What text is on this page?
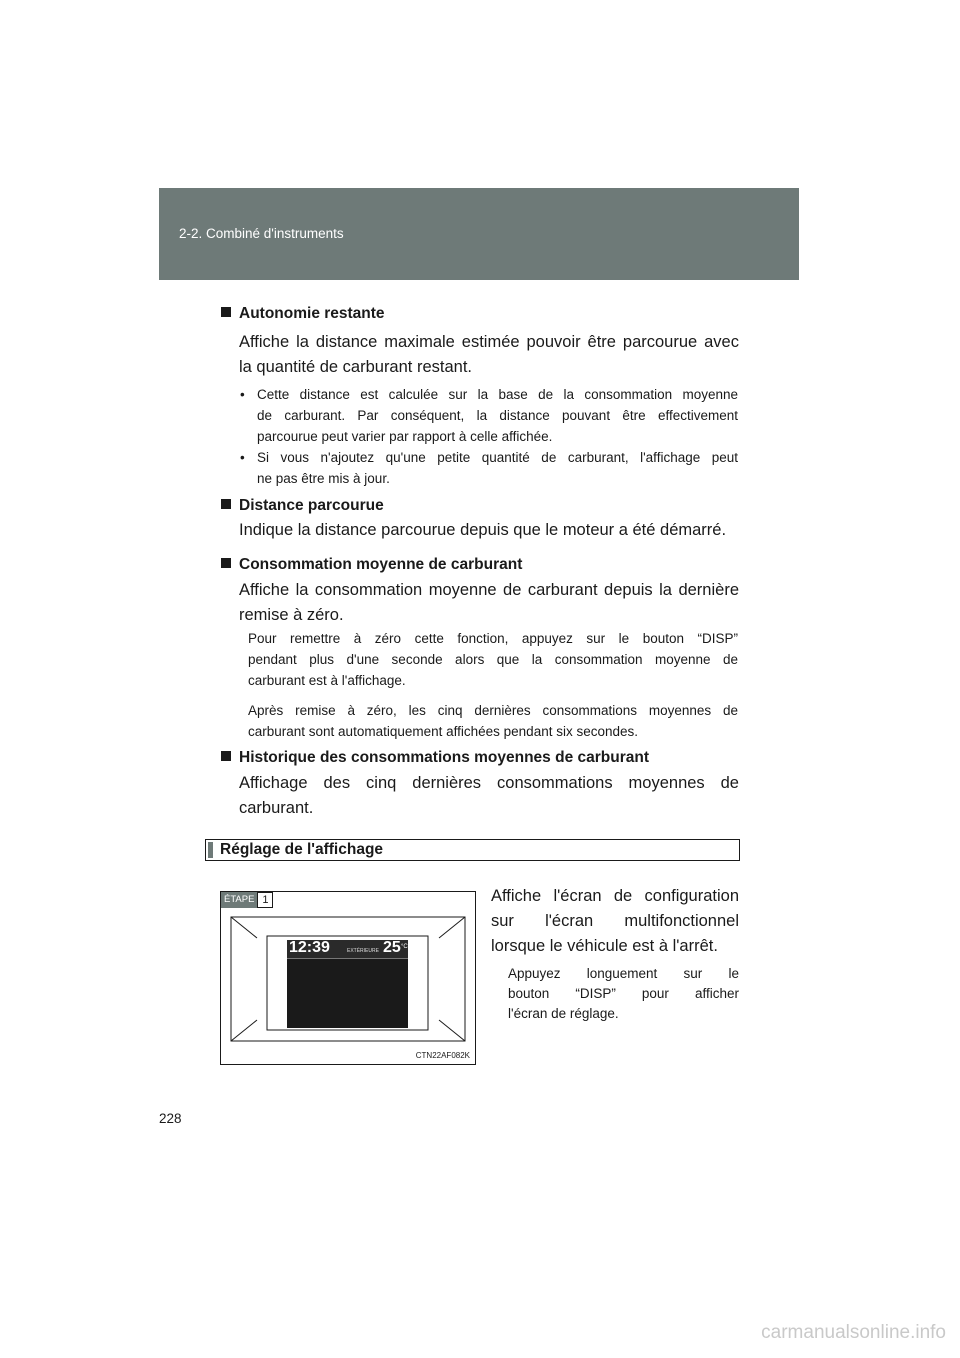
2-2. Combiné d'instruments
Autonomie restante
Affiche la distance maximale estimée pouvoir être parcourue avec
la quantité de carburant restant.
• Cette distance est calculée sur la base de la consommation moyenne
de carburant. Par conséquent, la distance pouvant être effectivement
parcourue peut varier par rapport à celle affichée.
• Si vous n'ajoutez qu'une petite quantité de carburant, l'affichage peut
ne pas être mis à jour.
Distance parcourue
Indique la distance parcourue depuis que le moteur a été démarré.
Consommation moyenne de carburant
Affiche la consommation moyenne de carburant depuis la dernière
remise à zéro.
Pour remettre à zéro cette fonction, appuyez sur le bouton “DISP”
pendant plus d'une seconde alors que la consommation moyenne de
carburant est à l'affichage.
Après remise à zéro, les cinq dernières consommations moyennes de
carburant sont automatiquement affichées pendant six secondes.
Historique des consommations moyennes de carburant
Affichage des cinq dernières consommations moyennes de
carburant.
Réglage de l'affichage
ÉTAPE 1
12:39	EXTÉRIEURE 25 °C
CTN22AF082K
Affiche l'écran de configuration
sur l'écran multifonctionnel
lorsque le véhicule est à l'arrêt.
Appuyez longuement sur le
bouton “DISP” pour afficher
l'écran de réglage.
228
carmanualsonline.info
